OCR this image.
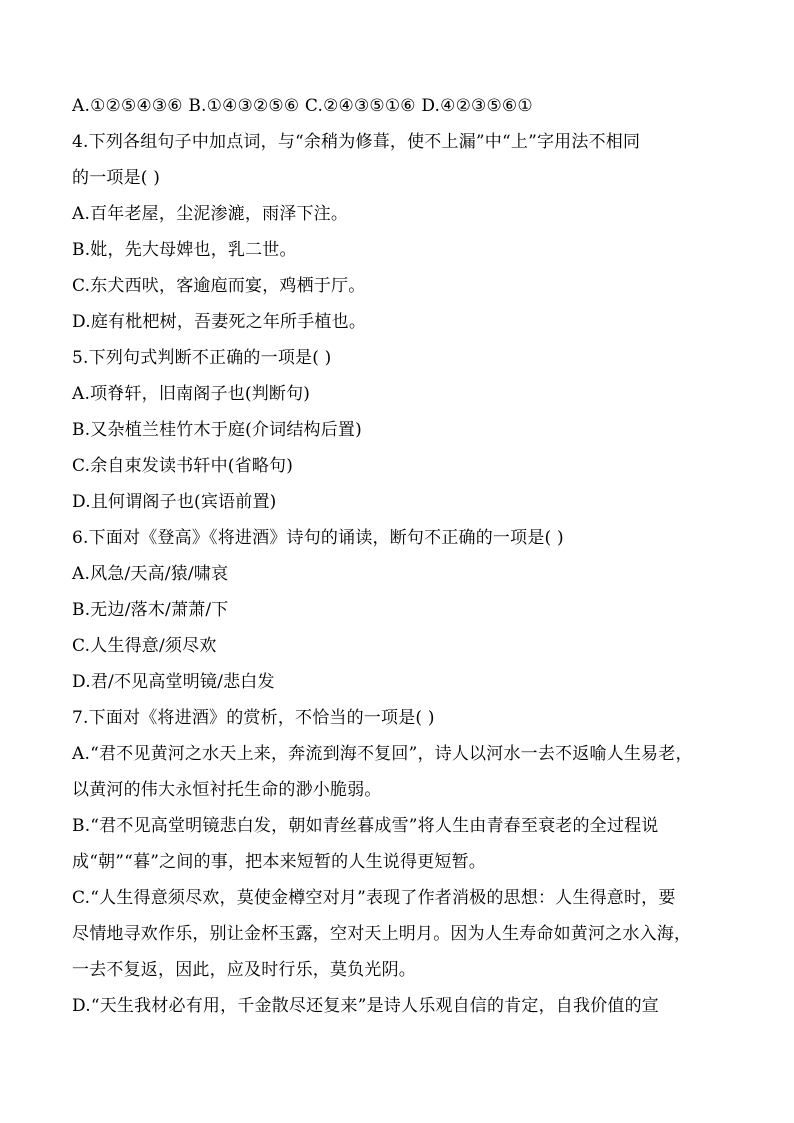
A.①②⑤④③⑥ B.①④③②⑤⑥ C.②④③⑤①⑥ D.④②③⑤⑥①
4.下列各组句子中加点词，与“余稍为修葺，使不上漏”中“上”字用法不相同
的一项是( )
A.百年老屋，尘泥渗漉，雨泽下注。
B.妣，先大母婢也，乳二世。
C.东犬西吠，客逾庖而宴，鸡栖于厅。
D.庭有枇杷树，吾妻死之年所手植也。
5.下列句式判断不正确的一项是( )
A.项脊轩，旧南阁子也(判断句)
B.又杂植兰桂竹木于庭(介词结构后置)
C.余自束发读书轩中(省略句)
D.且何谓阁子也(宾语前置)
6.下面对《登高》《将进酒》诗句的诵读，断句不正确的一项是( )
A.风急/天高/猿/啸哀
B.无边/落木/萧萧/下
C.人生得意/须尽欢
D.君/不见高堂明镜/悲白发
7.下面对《将进酒》的赏析，不恰当的一项是( )
A.“君不见黄河之水天上来，奔流到海不复回”，诗人以河水一去不返喻人生易老，
以黄河的伟大永恒衬托生命的渺小脆弱。
B.“君不见高堂明镜悲白发，朝如青丝暮成雪”将人生由青春至衰老的全过程说
成“朝”“暮”之间的事，把本来短暂的人生说得更短暂。
C.“人生得意须尽欢，莫使金樽空对月”表现了作者消极的思想：人生得意时，要
尽情地寻欢作乐，别让金杯玉露，空对天上明月。因为人生寿命如黄河之水入海，
一去不复返，因此，应及时行乐，莫负光阴。
D.“天生我材必有用，千金散尽还复来”是诗人乐观自信的肯定，自我价值的宣
